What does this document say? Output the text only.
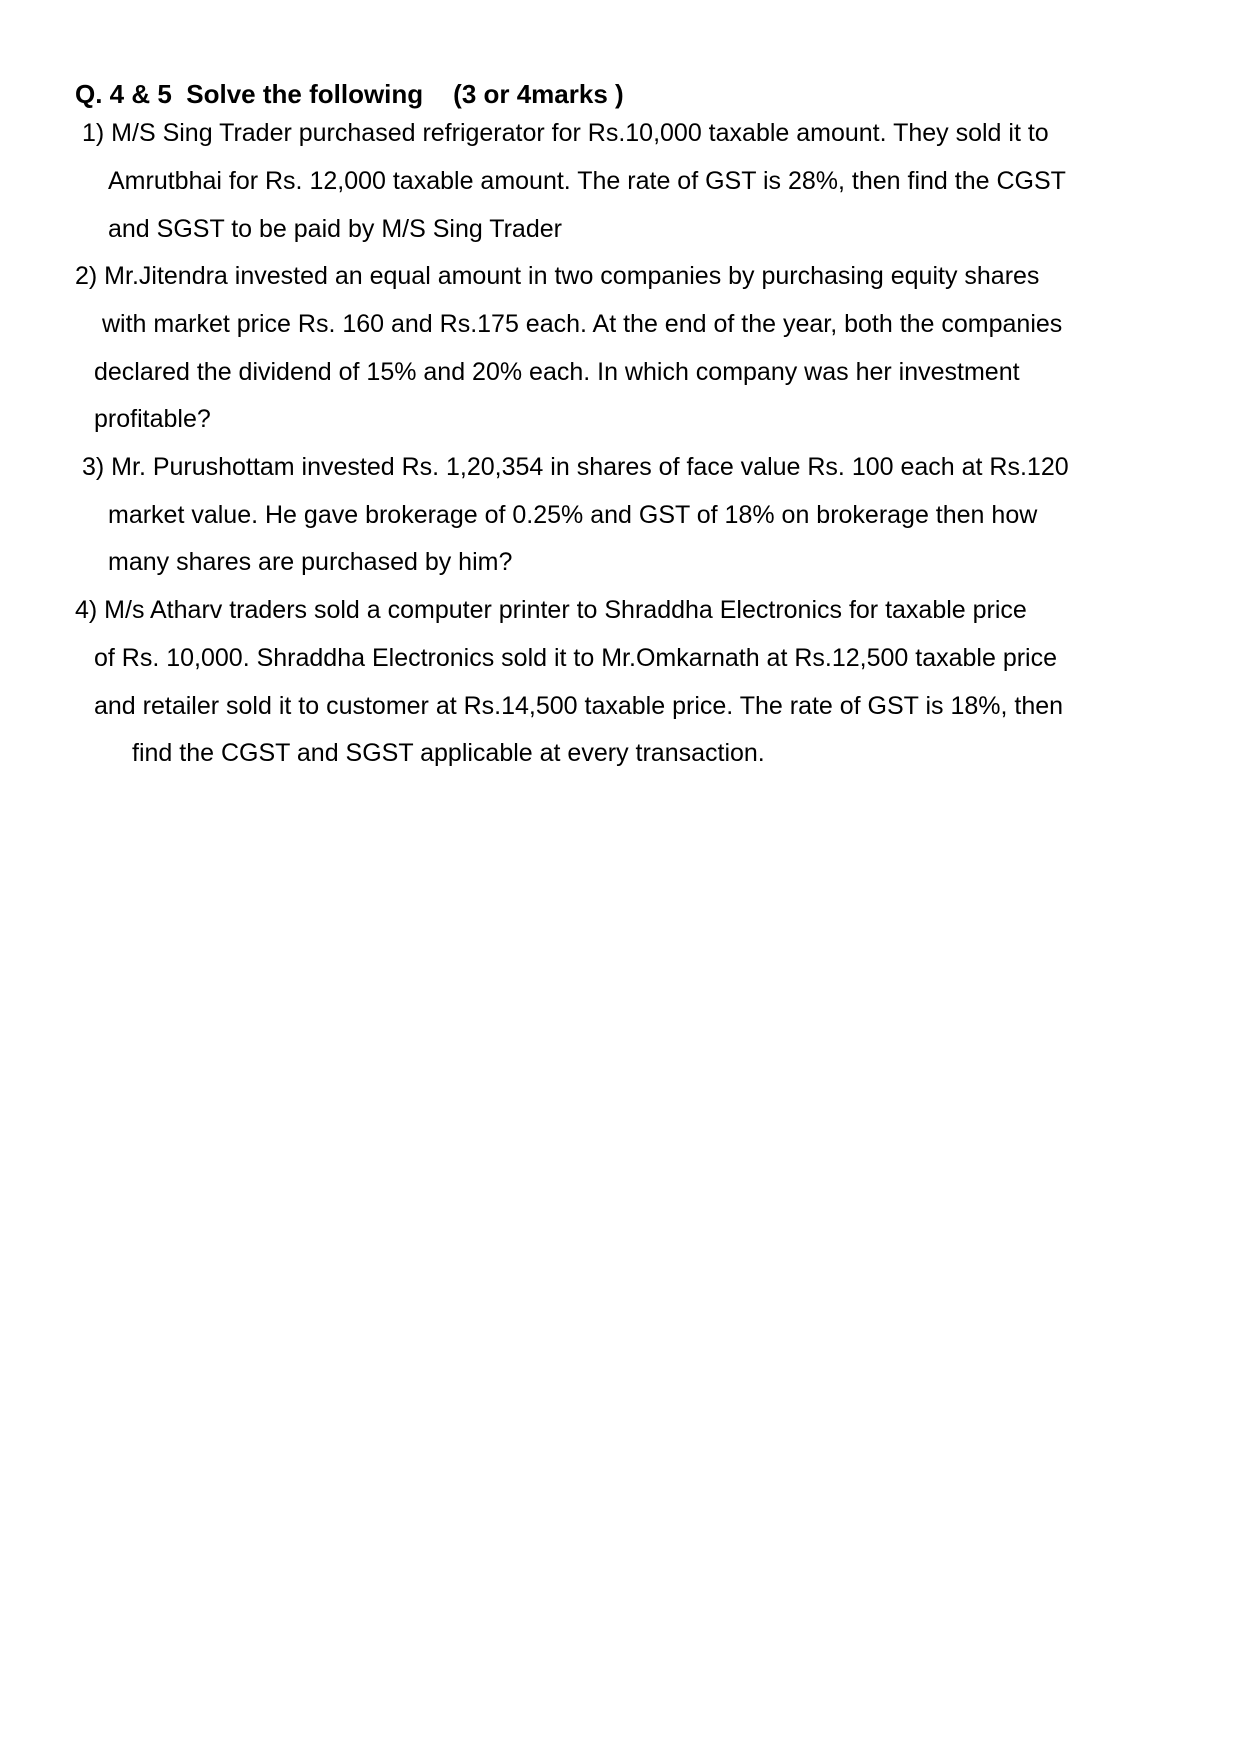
Q. 4 & 5  Solve the following (3 or 4marks )
1) M/S Sing Trader purchased refrigerator for Rs.10,000 taxable amount. They sold it to
Amrutbhai for Rs. 12,000 taxable amount. The rate of GST is 28%, then find the CGST
and SGST to be paid by M/S Sing Trader
2) Mr.Jitendra invested an equal amount in two companies by purchasing equity shares
with market price Rs. 160 and Rs.175 each. At the end of the year, both the companies
declared the dividend of 15% and 20% each. In which company was her investment
profitable?
3) Mr. Purushottam invested Rs. 1,20,354 in shares of face value Rs. 100 each at Rs.120
market value. He gave brokerage of 0.25% and GST of 18% on brokerage then how
many shares are purchased by him?
4) M/s Atharv traders sold a computer printer to Shraddha Electronics for taxable price
of Rs. 10,000. Shraddha Electronics sold it to Mr.Omkarnath at Rs.12,500 taxable price
and retailer sold it to customer at Rs.14,500 taxable price. The rate of GST is 18%, then
find the CGST and SGST applicable at every transaction.
